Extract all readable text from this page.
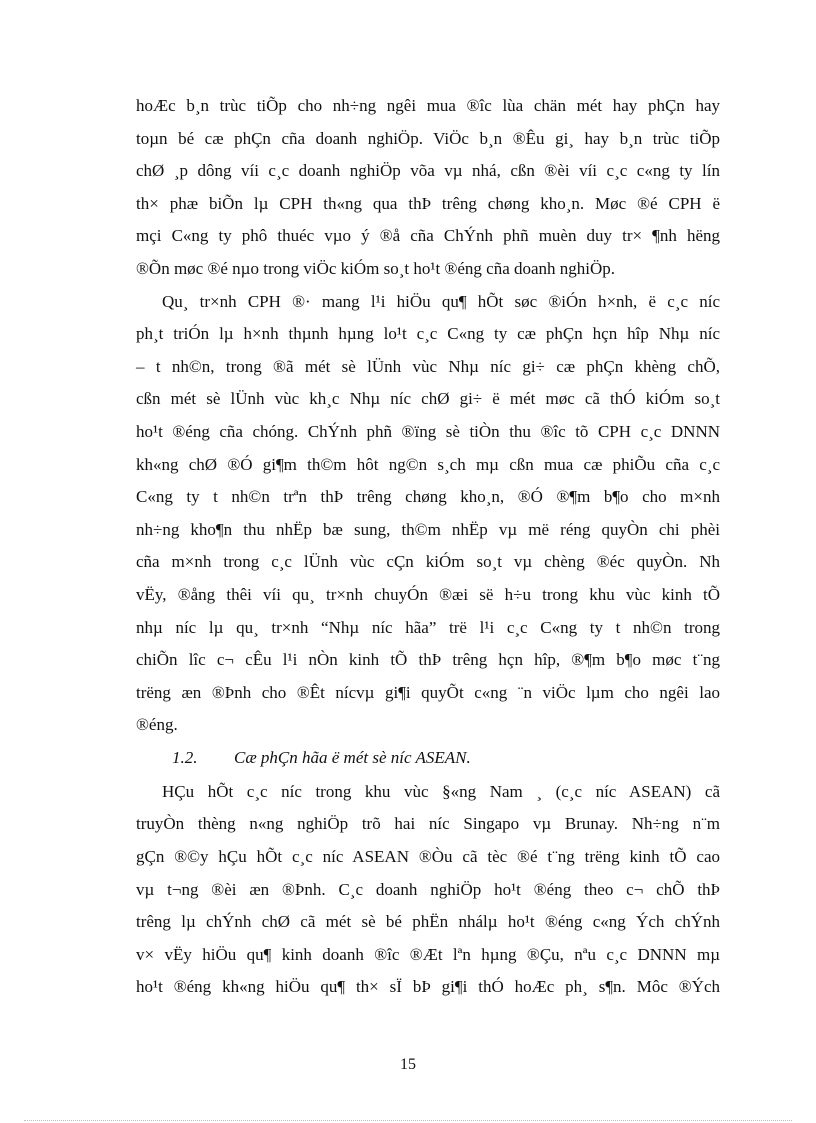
hoÆc b¸n trùc tiÕp cho nh÷ng ngêi mua ®îc lùa chän mét hay phÇn hay
toµn bé cæ phÇn cña doanh nghiÖp. ViÖc b¸n ®Êu gi¸ hay b¸n trùc tiÕp
chØ ¸p dông víi c¸c doanh nghiÖp võa vµ nhá, cßn ®èi víi c¸c c«ng ty lín
th× phæ biÕn lµ CPH th«ng qua thÞ trêng chøng kho¸n. Møc ®é CPH ë
mçi C«ng ty phô thuéc vµo ý ®å cña ChÝnh phñ muèn duy tr× ¶nh hëng
®Õn møc ®é nµo trong viÖc kiÓm so¸t ho¹t ®éng cña doanh nghiÖp.
Qu¸ tr×nh CPH ®· mang l¹i hiÖu qu¶ hÕt søc ®iÓn h×nh, ë c¸c níc
ph¸t triÓn lµ h×nh thµnh hµng lo¹t c¸c C«ng ty cæ phÇn hçn hîp Nhµ níc
– t nh©n, trong ®ã mét sè lÜnh vùc Nhµ níc gi÷ cæ phÇn khèng chÕ,
cßn mét sè lÜnh vùc kh¸c Nhµ níc chØ gi÷ ë mét møc cã thÓ kiÓm so¸t
ho¹t ®éng cña chóng. ChÝnh phñ ®ïng sè tiÒn thu ®îc tõ CPH c¸c DNNN
kh«ng chØ ®Ó gi¶m th©m hôt ng©n s¸ch mµ cßn mua cæ phiÕu cña c¸c
C«ng ty t nh©n trªn thÞ trêng chøng kho¸n, ®Ó ®¶m b¶o cho m×nh
nh÷ng kho¶n thu nhËp bæ sung, th©m nhËp vµ më réng quyÒn chi phèi
cña m×nh trong c¸c lÜnh vùc cÇn kiÓm so¸t vµ chèng ®éc quyÒn. Nh
vËy, ®ång thêi víi qu¸ tr×nh chuyÓn ®æi së h÷u trong khu vùc kinh tÕ
nhµ níc lµ qu¸ tr×nh “Nhµ níc hãa” trë l¹i c¸c C«ng ty t nh©n trong
chiÕn lîc c¬ cÊu l¹i nÒn kinh tÕ thÞ trêng hçn hîp, ®¶m b¶o møc t¨ng
trëng æn ®Þnh cho ®Êt nícvµ gi¶i quyÕt c«ng ¨n viÖc lµm cho ngêi lao
®éng.
1.2. Cæ phÇn hãa ë mét sè níc ASEAN.
HÇu hÕt c¸c níc trong khu vùc §«ng Nam ¸ (c¸c níc ASEAN) cã
truyÒn thèng n«ng nghiÖp trõ hai níc Singapo vµ Brunay. Nh÷ng n¨m
gÇn ®©y hÇu hÕt c¸c níc ASEAN ®Òu cã tèc ®é t¨ng trëng kinh tÕ cao
vµ t¬ng ®èi æn ®Þnh. C¸c doanh nghiÖp ho¹t ®éng theo c¬ chÕ thÞ
trêng lµ chÝnh chØ cã mét sè bé phËn nhálµ ho¹t ®éng c«ng Ých chÝnh
v× vËy hiÖu qu¶ kinh doanh ®îc ®Æt lªn hµng ®Çu, nªu c¸c DNNN mµ
ho¹t ®éng kh«ng hiÖu qu¶ th× sÏ bÞ gi¶i thÓ hoÆc ph¸ s¶n. Môc ®Ých
15
